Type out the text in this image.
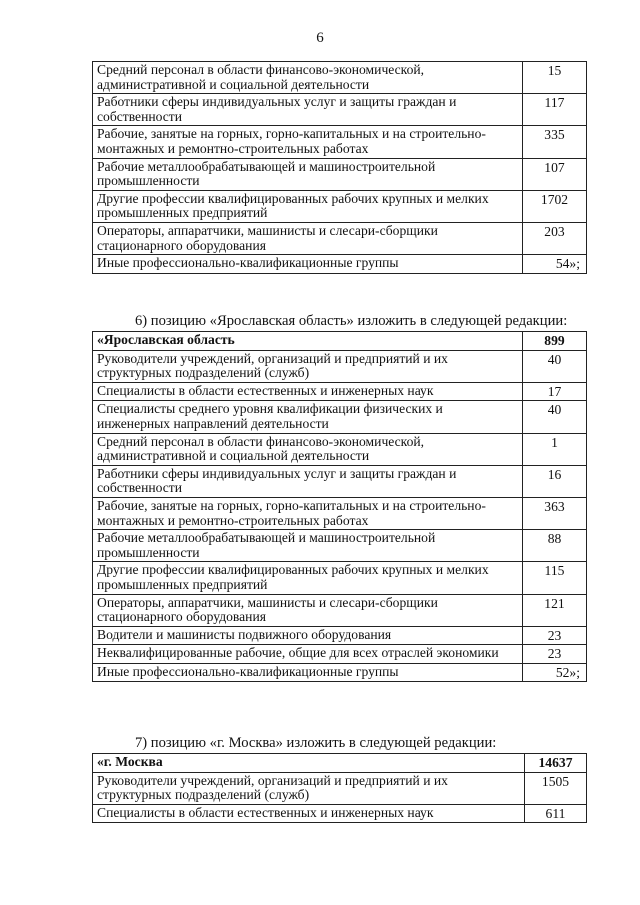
6
Средний персонал в области финансово-экономической, административной и социальной деятельности	15
Работники сферы индивидуальных услуг и защиты граждан и собственности	117
Рабочие, занятые на горных, горно-капитальных и на строительно-монтажных и ремонтно-строительных работах	335
Рабочие металлообрабатывающей и машиностроительной промышленности	107
Другие профессии квалифицированных рабочих крупных и мелких промышленных предприятий	1702
Операторы, аппаратчики, машинисты и слесари-сборщики стационарного оборудования	203
Иные профессионально-квалификационные группы	54»;
6) позицию «Ярославская область» изложить в следующей редакции:
«Ярославская область	899
Руководители учреждений, организаций и предприятий и их структурных подразделений (служб)	40
Специалисты в области естественных и инженерных наук	17
Специалисты среднего уровня квалификации физических и инженерных направлений деятельности	40
Средний персонал в области финансово-экономической, административной и социальной деятельности	1
Работники сферы индивидуальных услуг и защиты граждан и собственности	16
Рабочие, занятые на горных, горно-капитальных и на строительно-монтажных и ремонтно-строительных работах	363
Рабочие металлообрабатывающей и машиностроительной промышленности	88
Другие профессии квалифицированных рабочих крупных и мелких промышленных предприятий	115
Операторы, аппаратчики, машинисты и слесари-сборщики стационарного оборудования	121
Водители и машинисты подвижного оборудования	23
Неквалифицированные рабочие, общие для всех отраслей экономики	23
Иные профессионально-квалификационные группы	52»;
7) позицию «г. Москва» изложить в следующей редакции:
«г. Москва	14637
Руководители учреждений, организаций и предприятий и их структурных подразделений (служб)	1505
Специалисты в области естественных и инженерных наук	611
